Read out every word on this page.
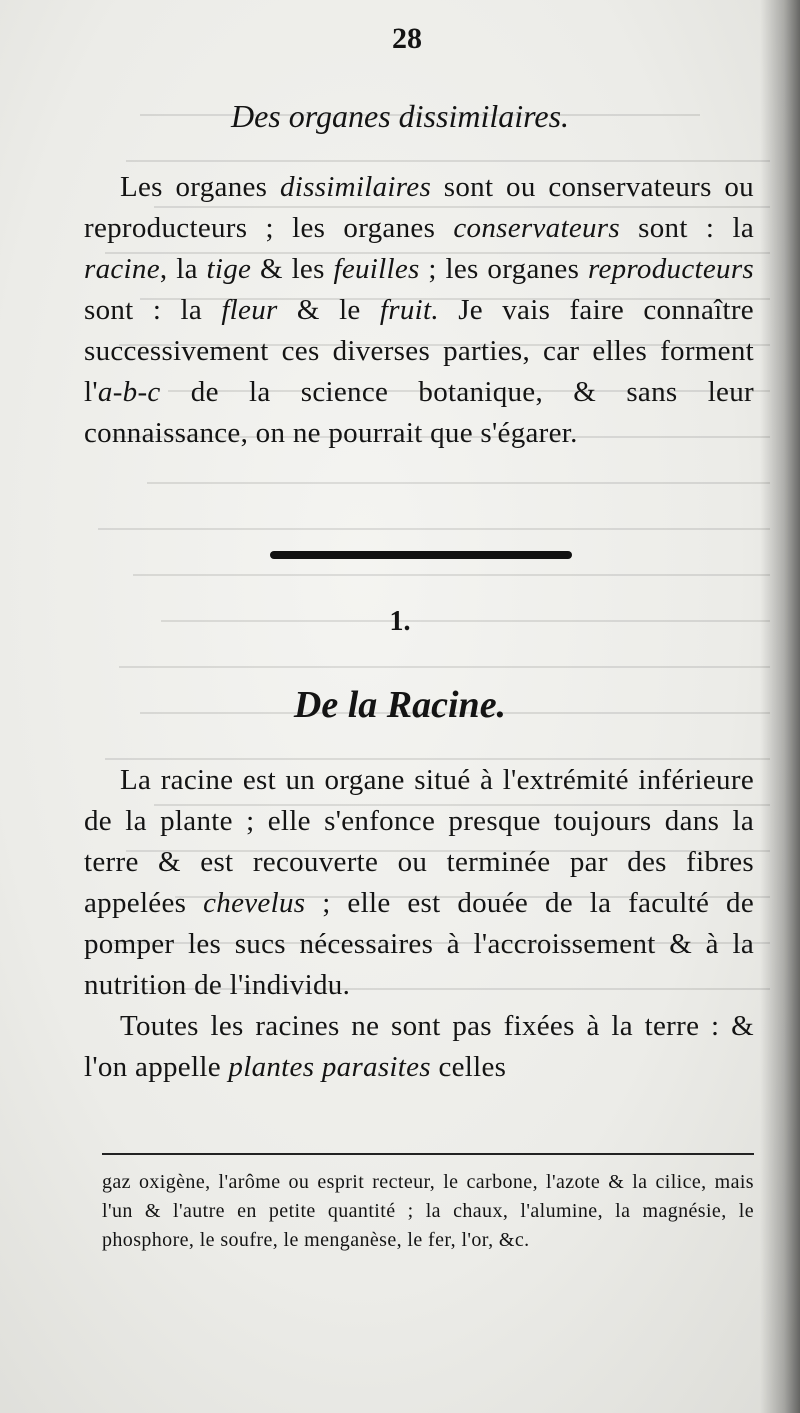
28
Des organes dissimilaires.

Les organes dissimilaires sont ou conservateurs ou reproducteurs ; les organes conservateurs sont : la racine, la tige & les feuilles ; les organes reproducteurs sont : la fleur & le fruit. Je vais faire connaître successivement ces diverses parties, car elles forment l'a-b-c de la science botanique, & sans leur connaissance, on ne pourrait que s'égarer.

1.
De la Racine.

La racine est un organe situé à l'extrémité inférieure de la plante ; elle s'enfonce presque toujours dans la terre & est recouverte ou terminée par des fibres appelées chevelus ; elle est douée de la faculté de pomper les sucs nécessaires à l'accroissement & à la nutrition de l'individu.

Toutes les racines ne sont pas fixées à la terre : & l'on appelle plantes parasites celles

gaz oxigène, l'arôme ou esprit recteur, le carbone, l'azote & la cilice, mais l'un & l'autre en petite quantité ; la chaux, l'alumine, la magnésie, le phosphore, le soufre, le menganèse, le fer, l'or, &c.
